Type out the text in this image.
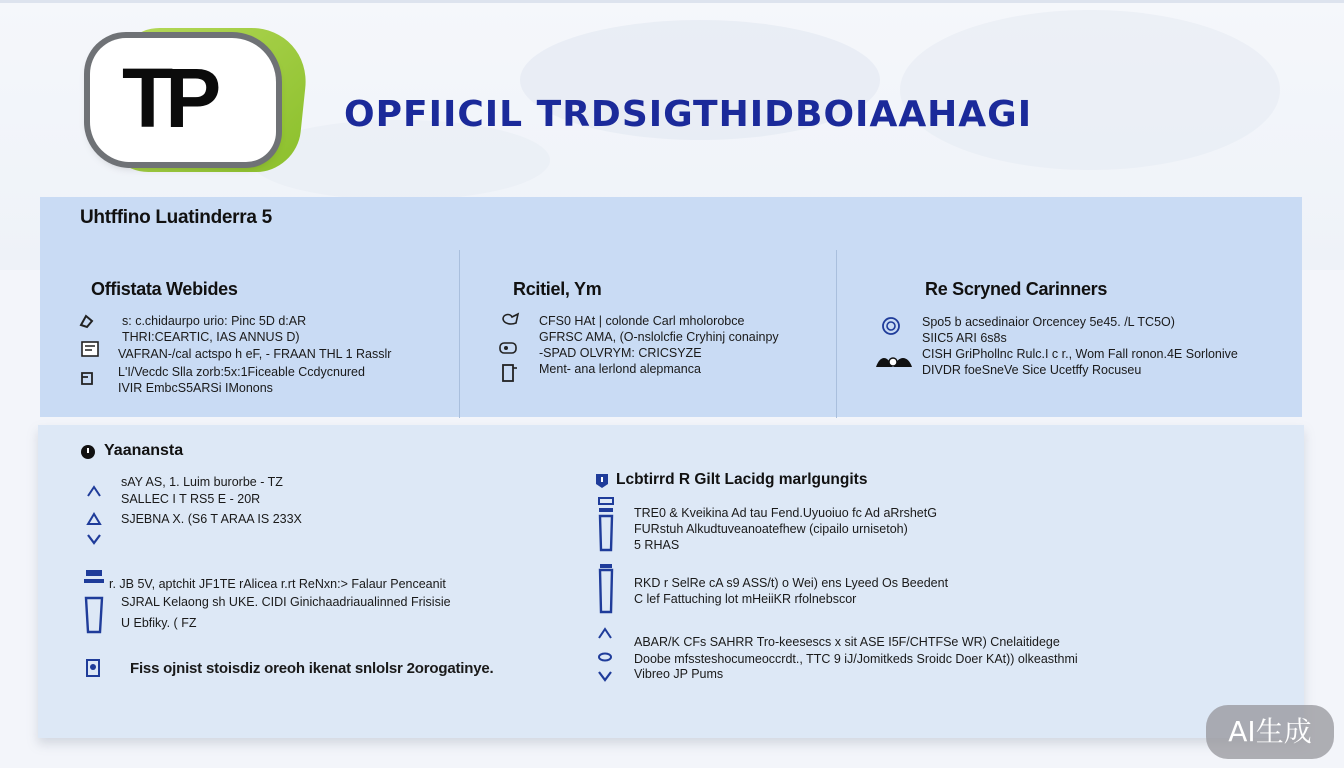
TP	OPFIICIL TRDSIGTHIDBOIAAHAGI
Uhtffino Luatinderra 5
Offistata Webides
s: c.chidaurpo urio: Pinc 5D d:AR
THRI:CEARTIC, IAS ANNUS D)
VAFRAN-/cal actspo h eF, - FRAAN THL 1 Rasslr
L'I/Vecdc Slla zorb:5x:1Ficeable Ccdycnured
IVIR EmbcS5ARSi IMonons
Rcitiel, Ym
CFS0 HAt | colonde Carl mholorobce
GFRSC AMA, (O-nslolcfie Cryhinj conainpy
-SPAD OLVRYM: CRICSYZE
Ment- ana lerlond alepmanca
Re Scryned Carinners
Spo5 b acsedinaior Orcencey 5e45. /L TC5O)
SIIC5 ARI 6s8s
CISH GriPhollnc Rulc.I c r., Wom Fall ronon.4E Sorlonive
DIVDR foeSneVe Sice Ucetffy Rocuseu
Yaanansta
sAY AS, 1. Luim burorbe - TZ
SALLEC I T RS5 E - 20R
SJEBNA X. (S6 T ARAA IS 233X
r. JB 5V, aptchit JF1TE rAlicea r.rt ReNxn:> Falaur Penceanit
SJRAL Kelaong sh UKE. CIDI Ginichaadriaualinned Frisisie
U Ebfiky. ( FZ
Fiss ojnist stoisdiz oreoh ikenat snlolsr 2orogatinye.
Lcbtirrd R Gilt Lacidg marlgungits
TRE0 & Kveikina Ad tau Fend.Uyuoiuo fc Ad aRrshetG
FURstuh Alkudtuveanoatefhew (cipailo urnisetoh)
5 RHAS
RKD r SelRe cA s9 ASS/t) o Wei) ens Lyeed Os Beedent
C lef Fattuching lot mHeiiKR rfolnebscor
ABAR/K CFs SAHRR Tro-keesescs x sit ASE I5F/CHTFSe WR) Cnelaitidege
Doobe mfssteshocumeoccrdt., TTC 9 iJ/Jomitkeds Sroidc Doer KAt)) olkeasthmi
Vibreo JP Pums
AI生成
